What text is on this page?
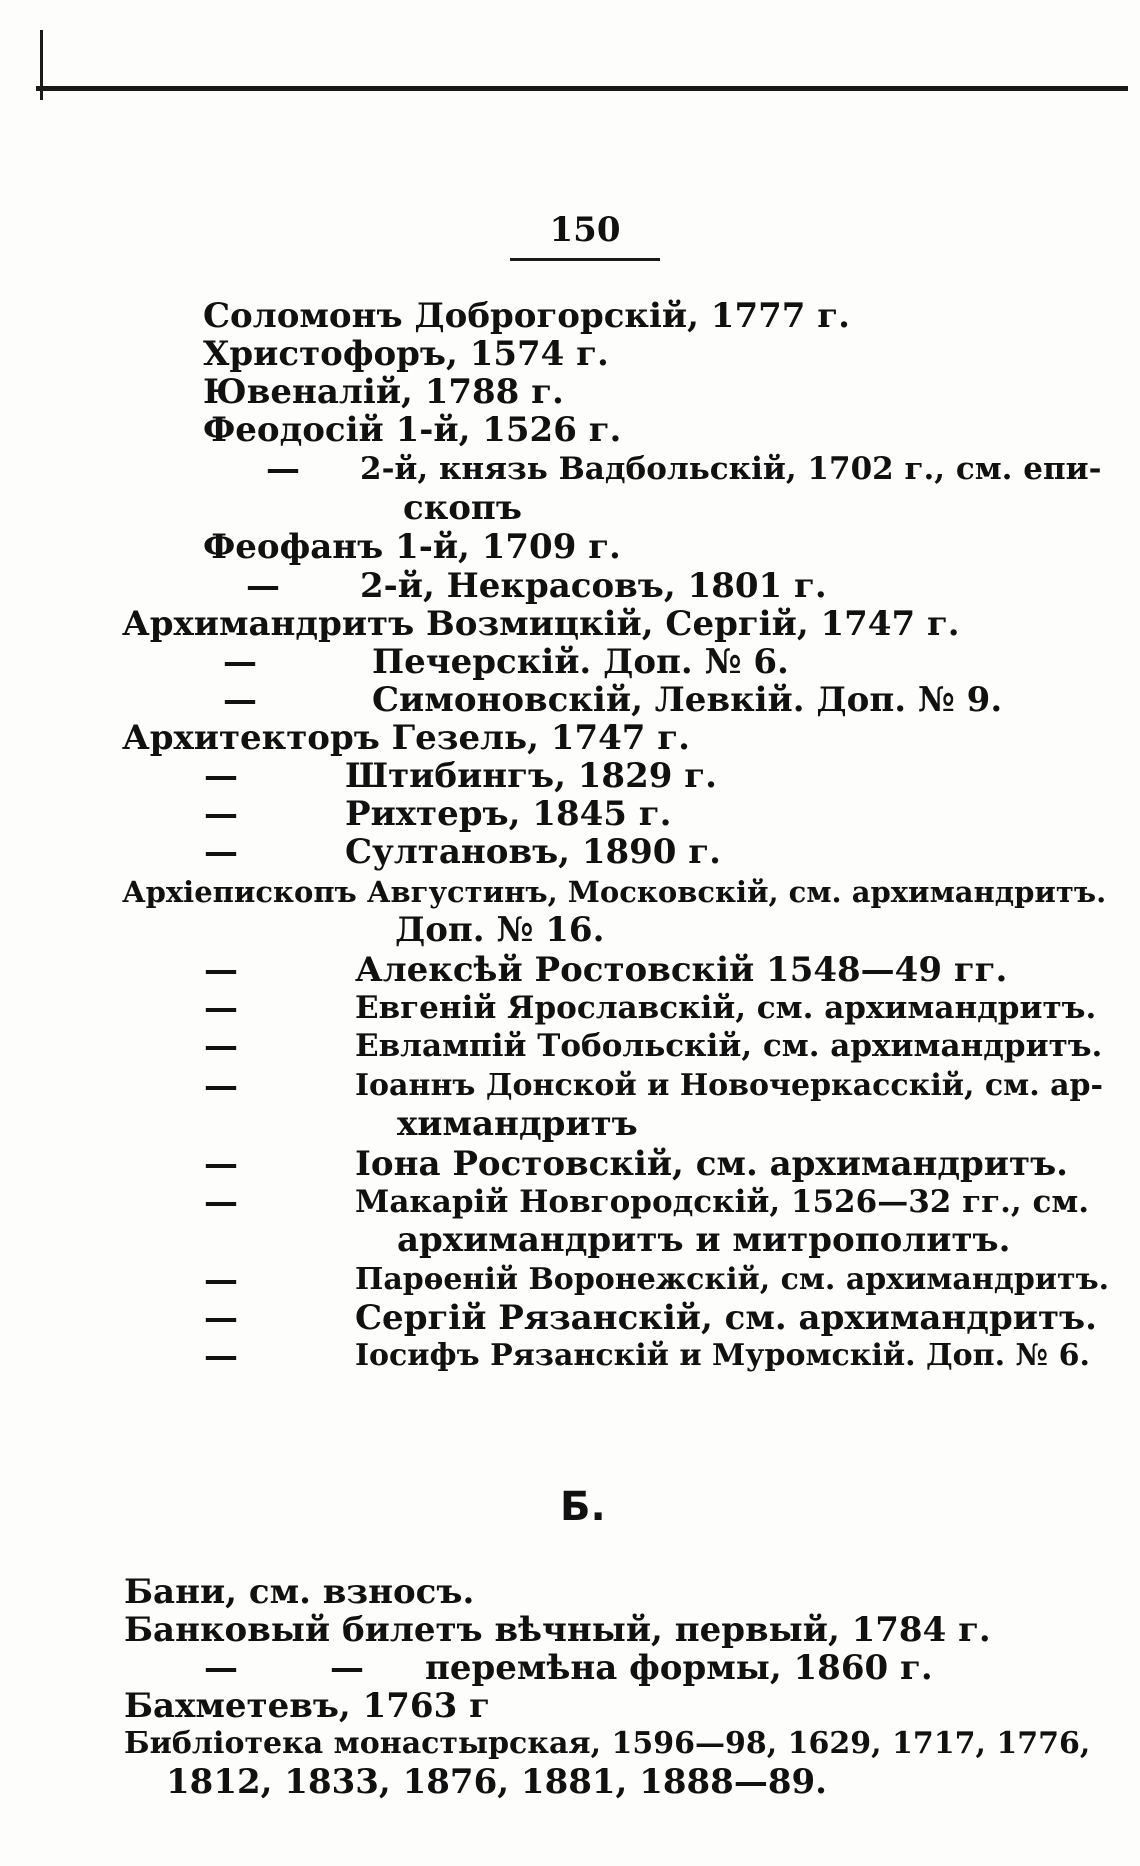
150
Соломонъ Доброгорскій, 1777 г.
Христофоръ, 1574 г.
Ювеналій, 1788 г.
Феодосій 1-й, 1526 г.
— 2-й, князь Вадбольскій, 1702 г., см. епи-
скопъ
Феофанъ 1-й, 1709 г.
— 2-й, Некрасовъ, 1801 г.
Архимандритъ Возмицкій, Сергій, 1747 г.
—	Печерскій. Доп. № 6.
—	Симоновскій, Левкій. Доп. № 9.
Архитекторъ Гезель, 1747 г.
—	Штибингъ, 1829 г.
—	Рихтеръ, 1845 г.
—	Султановъ, 1890 г.
Архіепископъ Августинъ, Московскій, см. архимандритъ.
Доп. № 16.
—	Алексѣй Ростовскій 1548—49 гг.
—	Евгеній Ярославскій, см. архимандритъ.
—	Евлампій Тобольскій, см. архимандритъ.
—	Іоаннъ Донской и Новочеркасскій, см. ар-
химандритъ
—	Іона Ростовскій, см. архимандритъ.
—	Макарій Новгородскій, 1526—32 гг., см.
архимандритъ и митрополитъ.
—	Парѳеній Воронежскій, см. архимандритъ.
—	Сергій Рязанскій, см. архимандритъ.
—	Іосифъ Рязанскій и Муромскій. Доп. № 6.
Б.
Бани, см. взносъ.
Банковый билетъ вѣчный, первый, 1784 г.
—	— перемѣна формы, 1860 г.
Бахметевъ, 1763 г
Библіотека монастырская, 1596—98, 1629, 1717, 1776,
1812, 1833, 1876, 1881, 1888—89.
